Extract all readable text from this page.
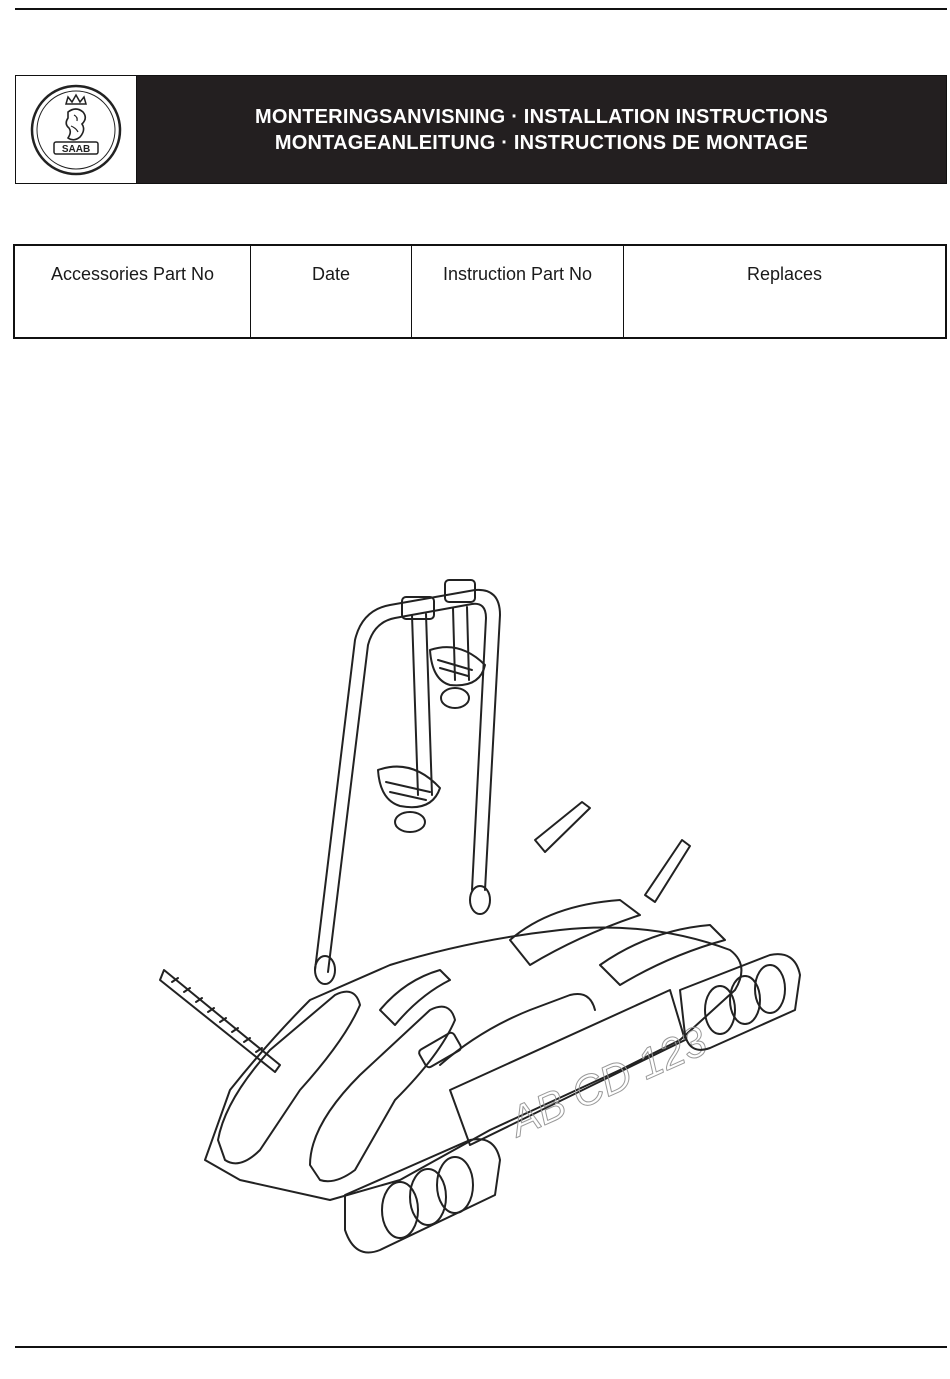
SAAB
MONTERINGSANVISNING · INSTALLATION INSTRUCTIONS
MONTAGEANLEITUNG · INSTRUCTIONS DE MONTAGE
Accessories Part No	Date	Instruction Part No	Replaces
AB CD 123
